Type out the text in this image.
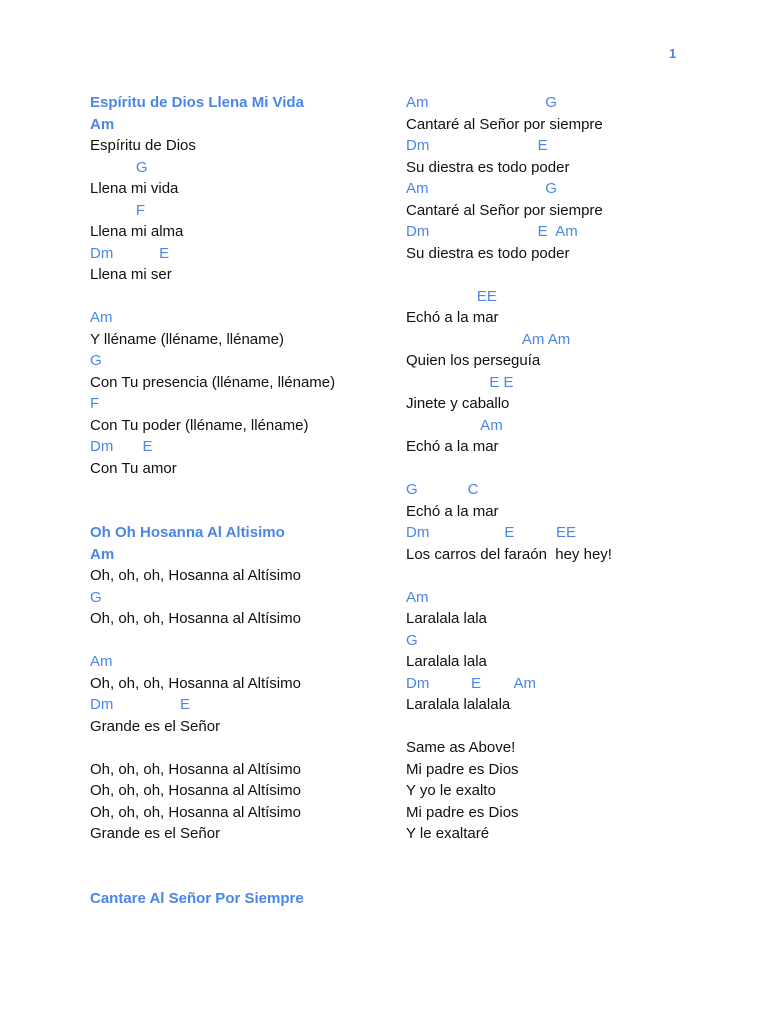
1
Espíritu de Dios Llena Mi Vida
Am
Espíritu de Dios
G
Llena mi vida
F
Llena mi alma
Dm           E
Llena mi ser
Am
Y lléname (lléname, lléname)
G
Con Tu presencia (lléname, lléname)
F
Con Tu poder (lléname, lléname)
Dm       E
Con Tu amor
Oh Oh Hosanna Al Altisimo
Am
Oh, oh, oh, Hosanna al Altísimo
G
Oh, oh, oh, Hosanna al Altísimo
Am
Oh, oh, oh, Hosanna al Altísimo
Dm                E
Grande es el Señor
Oh, oh, oh, Hosanna al Altísimo
Oh, oh, oh, Hosanna al Altísimo
Oh, oh, oh, Hosanna al Altísimo
Grande es el Señor
Cantare Al Señor Por Siempre
Am                            G
Cantaré al Señor por siempre
Dm                          E
Su diestra es todo poder
Am                            G
Cantaré al Señor por siempre
Dm                          E  Am
Su diestra es todo poder
EE
Echó a la mar
Am Am
Quien los perseguía
E E
Jinete y caballo
Am
Echó a la mar
G            C
Echó a la mar
Dm                  E          EE
Los carros del faraón  hey hey!
Am
Laralala lala
G
Laralala lala
Dm          E        Am
Laralala lalalala
Same as Above!
Mi padre es Dios
Y yo le exalto
Mi padre es Dios
Y le exaltaré
